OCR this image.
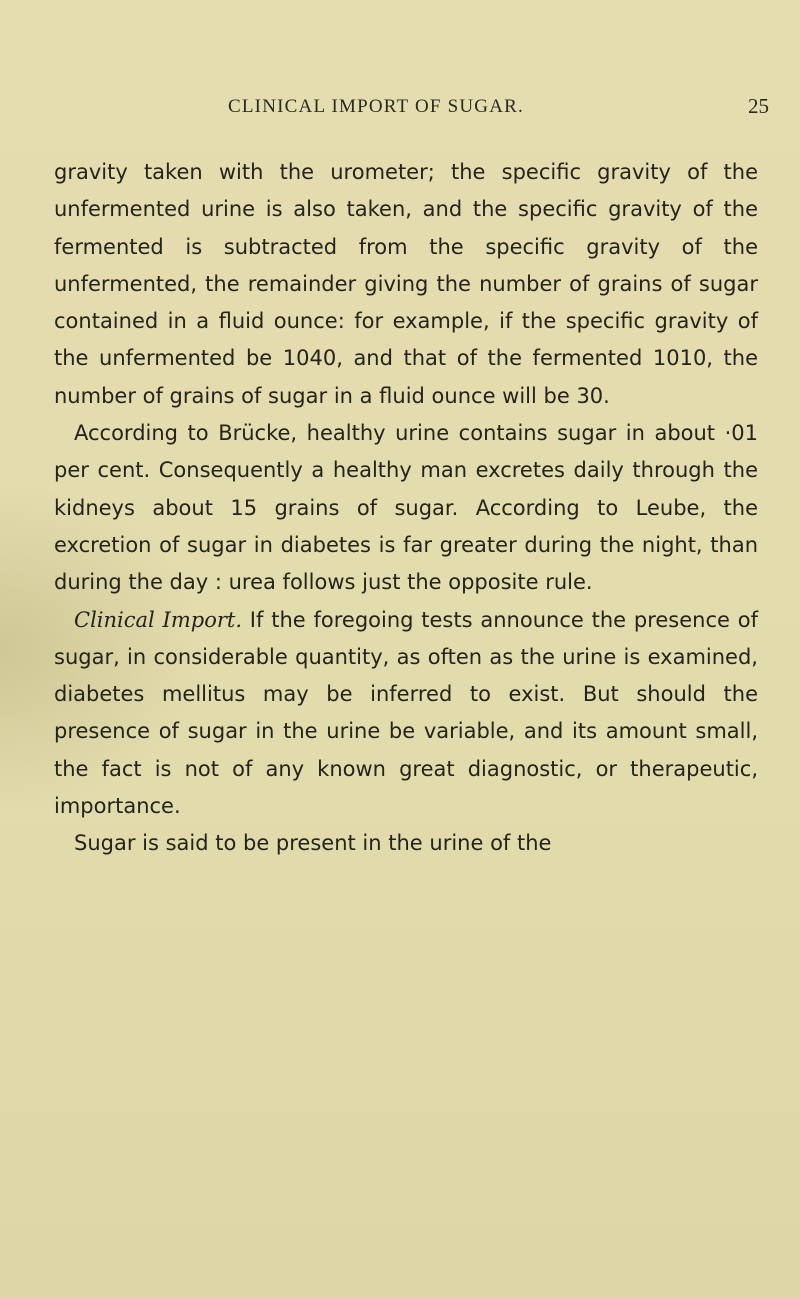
CLINICAL IMPORT OF SUGAR.	25

gravity taken with the urometer; the specific gravity of the unfermented urine is also taken, and the specific gravity of the fermented is subtracted from the specific gravity of the unfermented, the remainder giving the number of grains of sugar contained in a fluid ounce: for example, if the specific gravity of the unfermented be 1040, and that of the fermented 1010, the number of grains of sugar in a fluid ounce will be 30.

According to Brücke, healthy urine contains sugar in about ·01 per cent. Consequently a healthy man excretes daily through the kidneys about 15 grains of sugar. According to Leube, the excretion of sugar in diabetes is far greater during the night, than during the day : urea follows just the opposite rule.

Clinical Import. If the foregoing tests announce the presence of sugar, in considerable quantity, as often as the urine is examined, diabetes mellitus may be inferred to exist. But should the presence of sugar in the urine be variable, and its amount small, the fact is not of any known great diagnostic, or therapeutic, importance.

Sugar is said to be present in the urine of the
